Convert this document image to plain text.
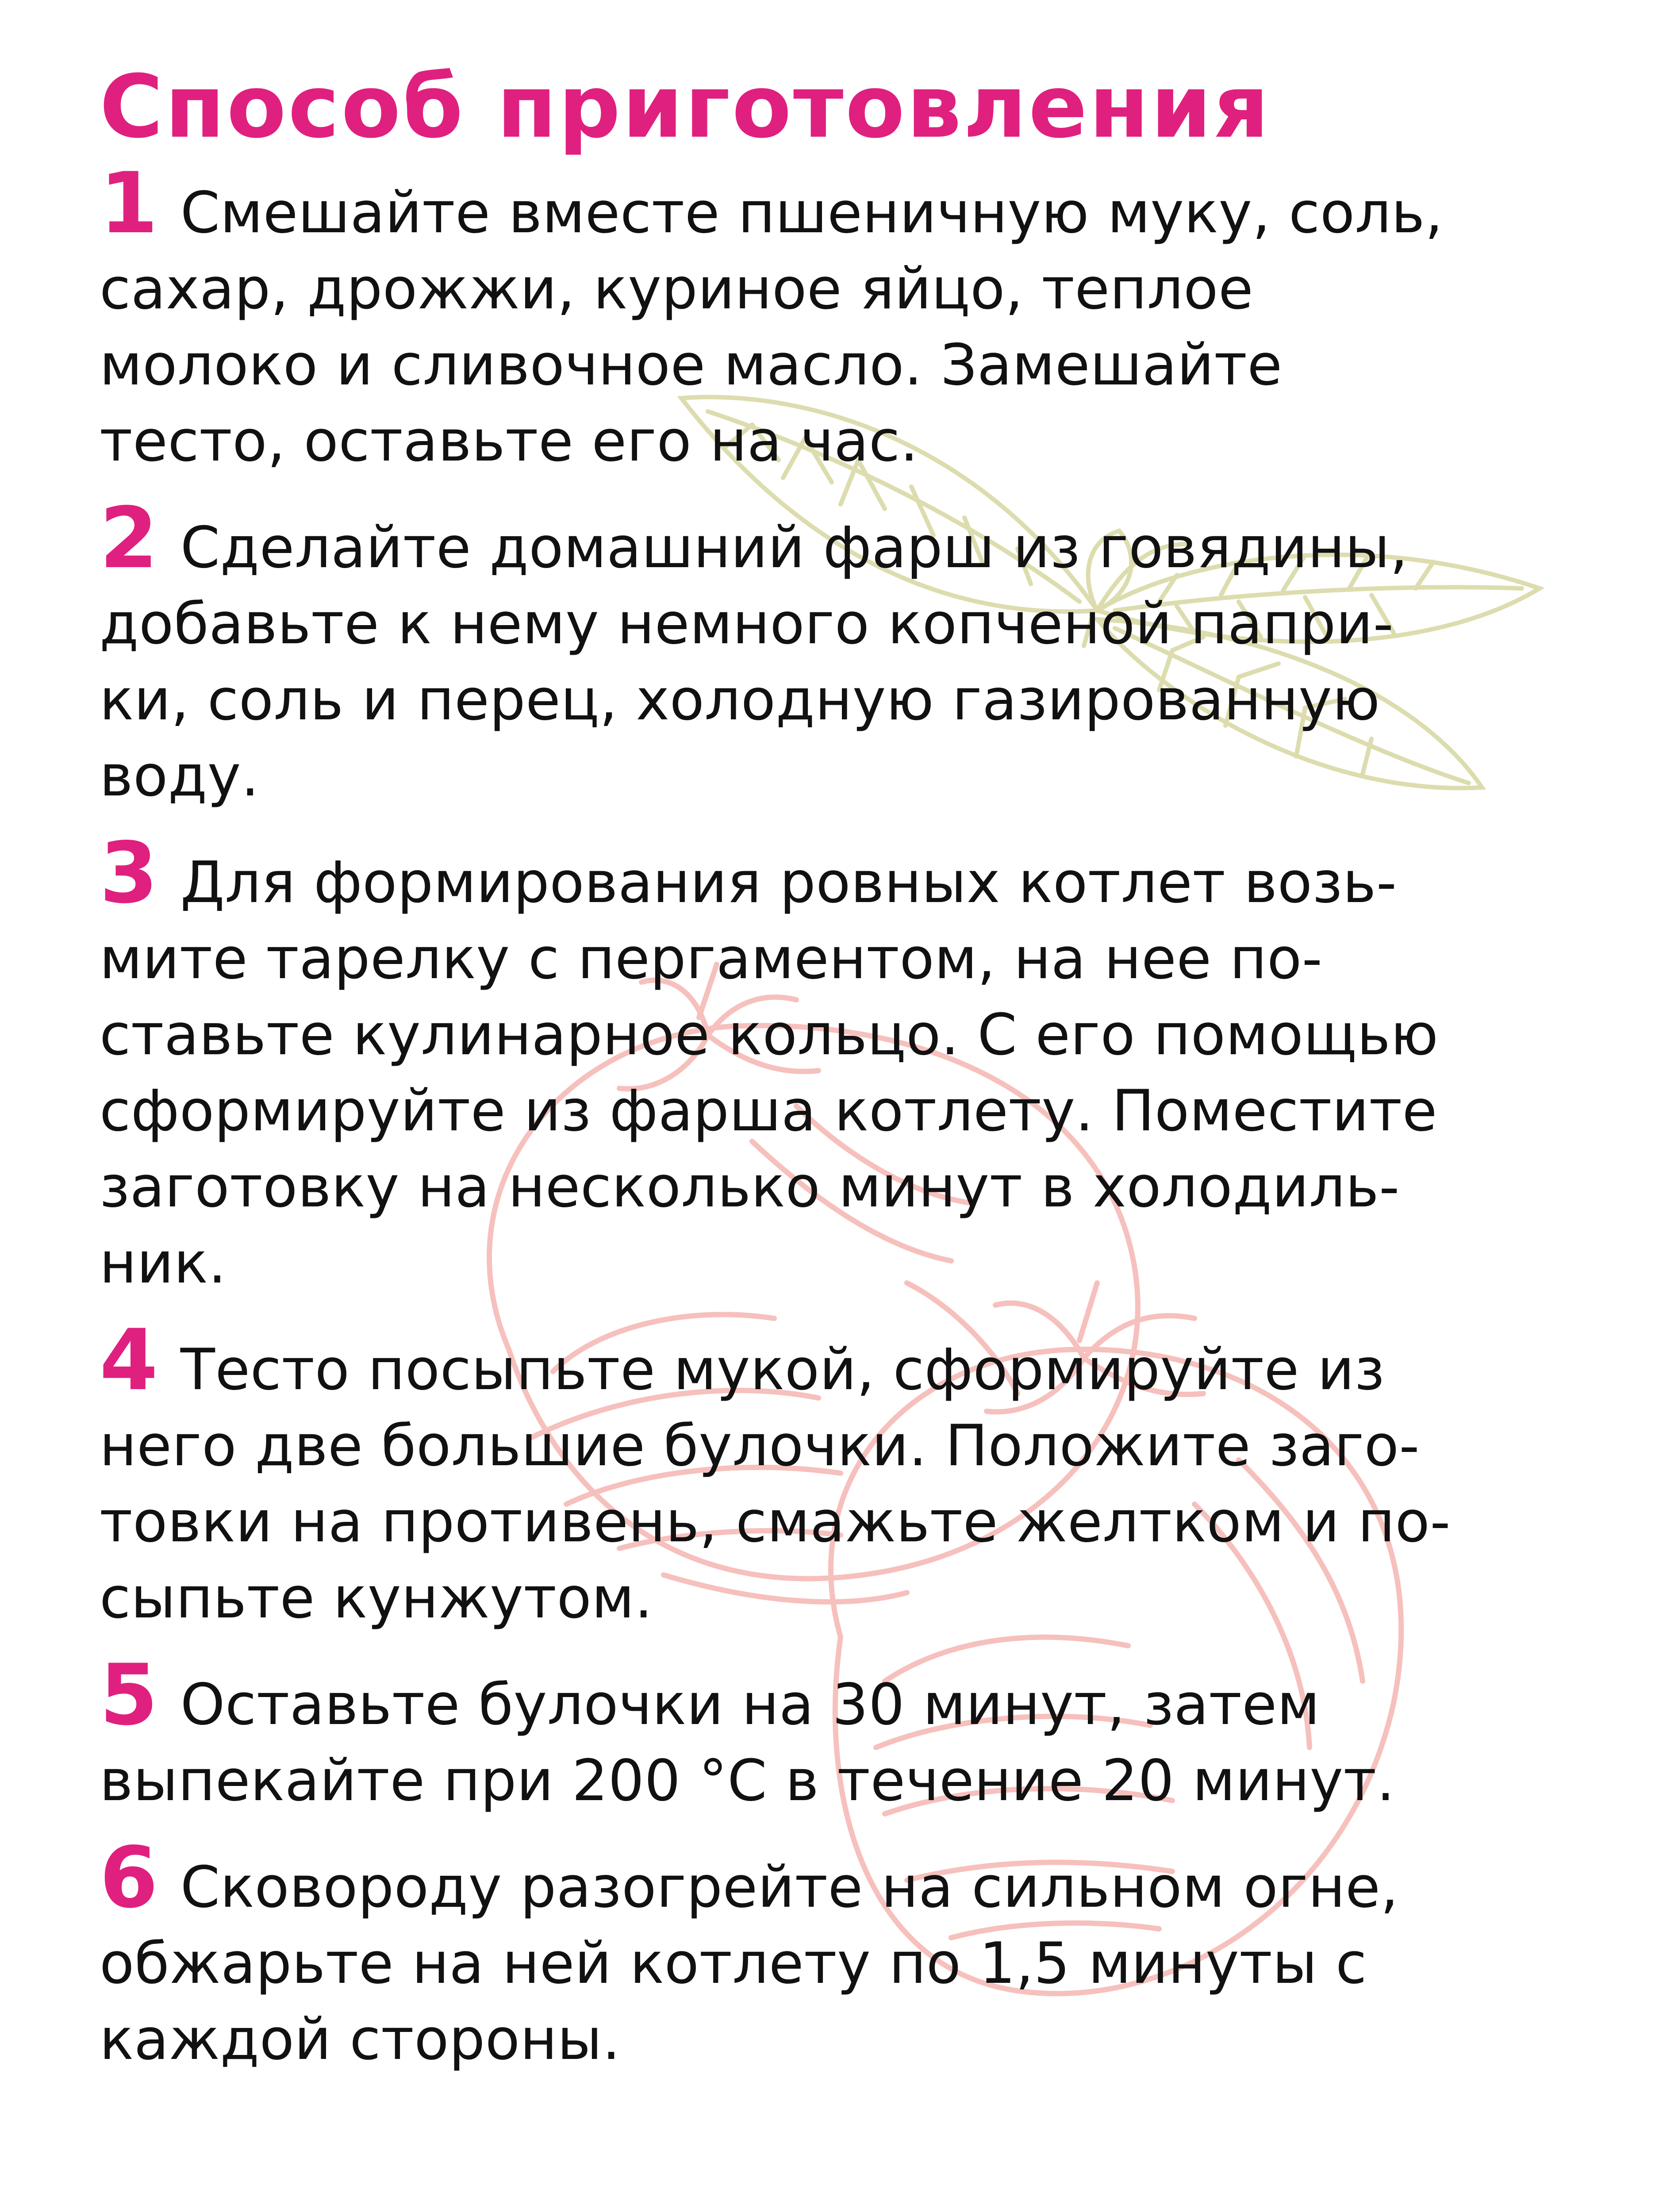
Способ приготовления
1 Смешайте вместе пшеничную муку, соль,
сахар, дрожжи, куриное яйцо, теплое
молоко и сливочное масло. Замешайте
тесто, оставьте его на час.
2 Сделайте домашний фарш из говядины,
добавьте к нему немного копченой папри-
ки, соль и перец, холодную газированную
воду.
3 Для формирования ровных котлет возь-
мите тарелку с пергаментом, на нее по-
ставьте кулинарное кольцо. С его помощью
сформируйте из фарша котлету. Поместите
заготовку на несколько минут в холодиль-
ник.
4 Тесто посыпьте мукой, сформируйте из
него две большие булочки. Положите заго-
товки на противень, смажьте желтком и по-
сыпьте кунжутом.
5 Оставьте булочки на 30 минут, затем
выпекайте при 200 °С в течение 20 минут.
6 Сковороду разогрейте на сильном огне,
обжарьте на ней котлету по 1,5 минуты с
каждой стороны.
